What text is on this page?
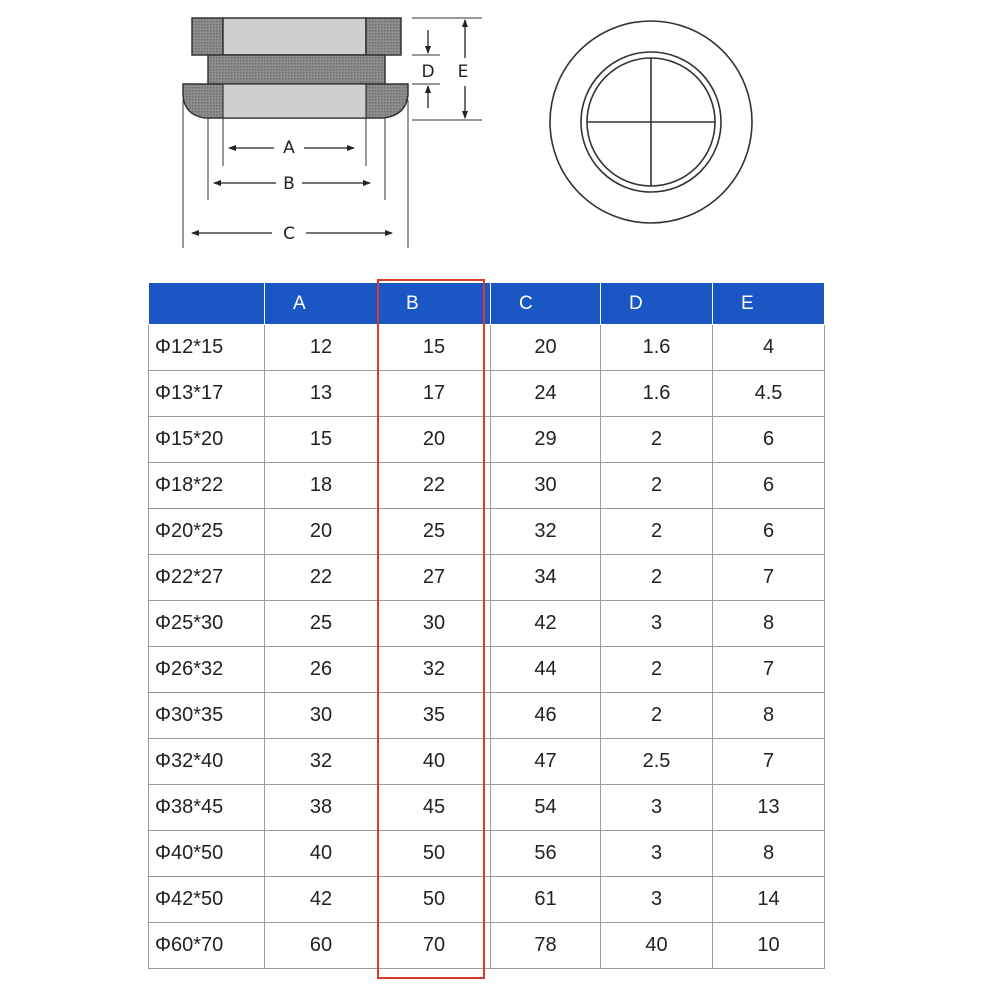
A
B
C
D E
	A	B	C	D	E
Φ12*15	12	15	20	1.6	4
Φ13*17	13	17	24	1.6	4.5
Φ15*20	15	20	29	2	6
Φ18*22	18	22	30	2	6
Φ20*25	20	25	32	2	6
Φ22*27	22	27	34	2	7
Φ25*30	25	30	42	3	8
Φ26*32	26	32	44	2	7
Φ30*35	30	35	46	2	8
Φ32*40	32	40	47	2.5	7
Φ38*45	38	45	54	3	13
Φ40*50	40	50	56	3	8
Φ42*50	42	50	61	3	14
Φ60*70	60	70	78	40	10
